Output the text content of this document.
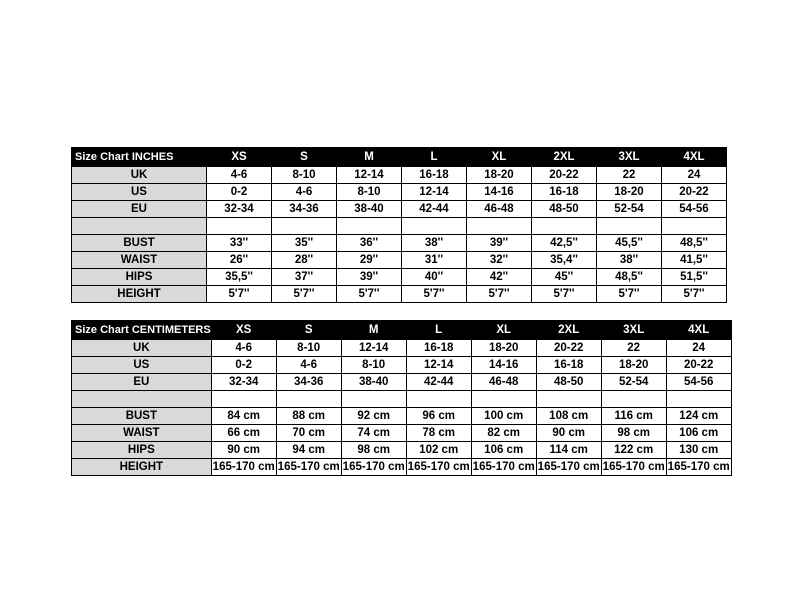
Size Chart INCHES	XS	S	M	L	XL	2XL	3XL	4XL
UK	4-6	8-10	12-14	16-18	18-20	20-22	22	24
US	0-2	4-6	8-10	12-14	14-16	16-18	18-20	20-22
EU	32-34	34-36	38-40	42-44	46-48	48-50	52-54	54-56

BUST	33''	35''	36''	38''	39''	42,5''	45,5''	48,5''
WAIST	26''	28''	29''	31''	32''	35,4''	38''	41,5''
HIPS	35,5''	37''	39''	40''	42''	45''	48,5''	51,5''
HEIGHT	5'7''	5'7''	5'7''	5'7''	5'7''	5'7''	5'7''	5'7''
Size Chart CENTIMETERS	XS	S	M	L	XL	2XL	3XL	4XL
UK	4-6	8-10	12-14	16-18	18-20	20-22	22	24
US	0-2	4-6	8-10	12-14	14-16	16-18	18-20	20-22
EU	32-34	34-36	38-40	42-44	46-48	48-50	52-54	54-56

BUST	84 cm	88 cm	92 cm	96 cm	100 cm	108 cm	116 cm	124 cm
WAIST	66 cm	70 cm	74 cm	78 cm	82 cm	90 cm	98 cm	106 cm
HIPS	90 cm	94 cm	98 cm	102 cm	106 cm	114 cm	122 cm	130 cm
HEIGHT	165-170 cm	165-170 cm	165-170 cm	165-170 cm	165-170 cm	165-170 cm	165-170 cm	165-170 cm
